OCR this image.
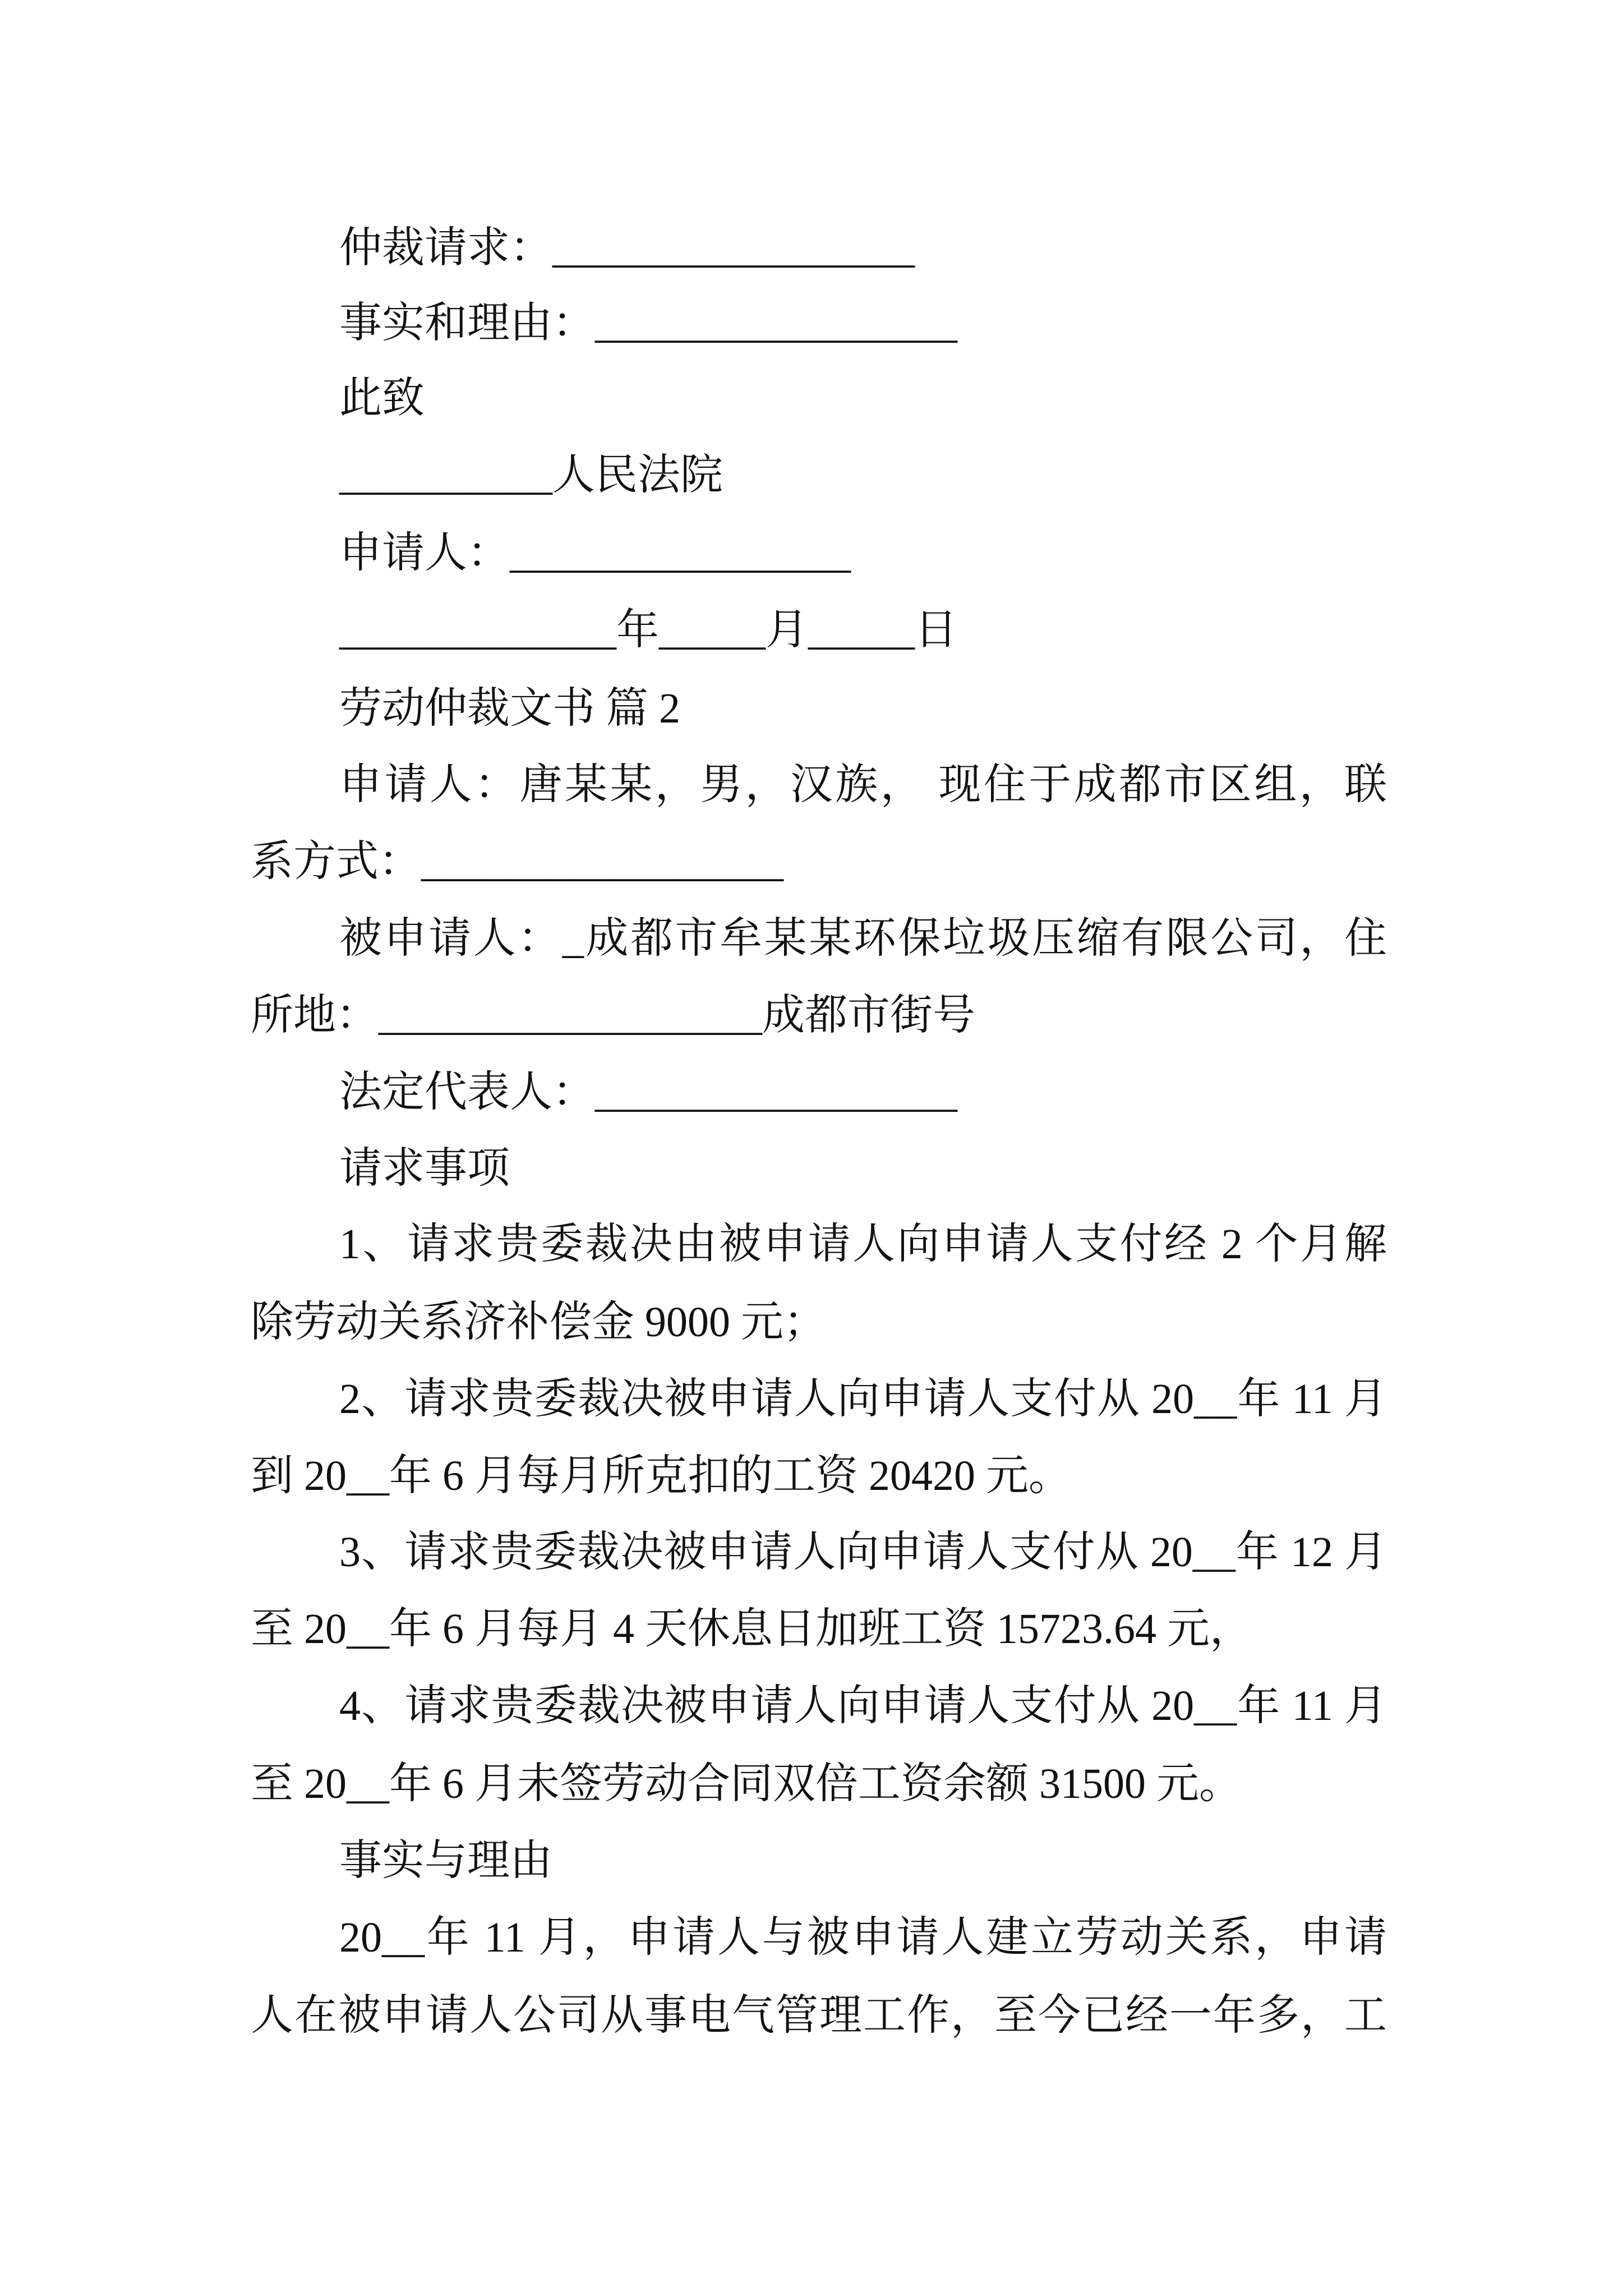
仲裁请求：_________________
事实和理由：_________________
此致
__________人民法院
申请人：________________
_____________年_____月_____日
劳动仲裁文书 篇 2
申请人：唐某某，男，汉族， 现住于成都市区组，联
系方式：_________________
被申请人：_成都市牟某某环保垃圾压缩有限公司，住
所地：__________________成都市街号
法定代表人：_________________
请求事项
1、请求贵委裁决由被申请人向申请人支付经 2 个月解
除劳动关系济补偿金 9000 元；
2、请求贵委裁决被申请人向申请人支付从 20__年 11 月
到 20__年 6 月每月所克扣的工资 20420 元。
3、请求贵委裁决被申请人向申请人支付从 20__年 12 月
至 20__年 6 月每月 4 天休息日加班工资 15723.64 元，
4、请求贵委裁决被申请人向申请人支付从 20__年 11 月
至 20__年 6 月未签劳动合同双倍工资余额 31500 元。
事实与理由
20__年 11 月，申请人与被申请人建立劳动关系，申请
人在被申请人公司从事电气管理工作，至今已经一年多，工
